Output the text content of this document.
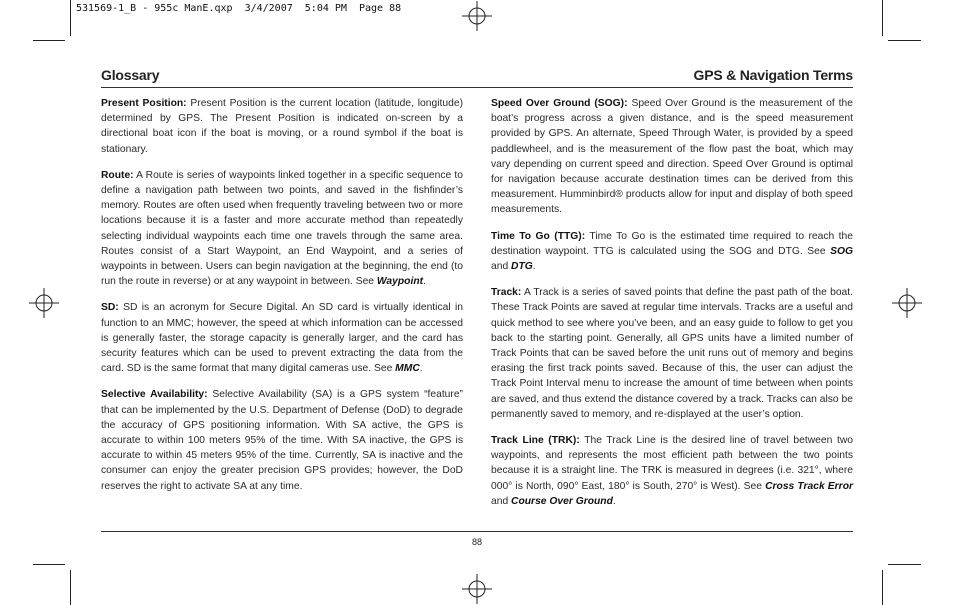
531569-1_B - 955c ManE.qxp  3/4/2007  5:04 PM  Page 88
Glossary	GPS & Navigation Terms

Present Position: Present Position is the current location (latitude, longitude) determined by GPS. The Present Position is indicated on-screen by a directional boat icon if the boat is moving, or a round symbol if the boat is stationary.

Route: A Route is series of waypoints linked together in a specific sequence to define a navigation path between two points, and saved in the fishfinder’s memory. Routes are often used when frequently traveling between two or more locations because it is a faster and more accurate method than repeatedly selecting individual waypoints each time one travels through the same area. Routes consist of a Start Waypoint, an End Waypoint, and a series of waypoints in between. Users can begin navigation at the beginning, the end (to run the route in reverse) or at any waypoint in between. See Waypoint.

SD: SD is an acronym for Secure Digital. An SD card is virtually identical in function to an MMC; however, the speed at which information can be accessed is generally faster, the storage capacity is generally larger, and the card has security features which can be used to prevent extracting the data from the card. SD is the same format that many digital cameras use. See MMC.

Selective Availability: Selective Availability (SA) is a GPS system “feature” that can be implemented by the U.S. Department of Defense (DoD) to degrade the accuracy of GPS positioning information. With SA active, the GPS is accurate to within 100 meters 95% of the time. With SA inactive, the GPS is accurate to within 45 meters 95% of the time. Currently, SA is inactive and the consumer can enjoy the greater precision GPS provides; however, the DoD reserves the right to activate SA at any time.

Speed Over Ground (SOG): Speed Over Ground is the measurement of the boat’s progress across a given distance, and is the speed measurement provided by GPS. An alternate, Speed Through Water, is provided by a speed paddlewheel, and is the measurement of the flow past the boat, which may vary depending on current speed and direction. Speed Over Ground is optimal for navigation because accurate destination times can be derived from this measurement. Humminbird® products allow for input and display of both speed measurements.

Time To Go (TTG): Time To Go is the estimated time required to reach the destination waypoint. TTG is calculated using the SOG and DTG. See SOG and DTG.

Track: A Track is a series of saved points that define the past path of the boat. These Track Points are saved at regular time intervals. Tracks are a useful and quick method to see where you’ve been, and an easy guide to follow to get you back to the starting point. Generally, all GPS units have a limited number of Track Points that can be saved before the unit runs out of memory and begins erasing the first track points saved. Because of this, the user can adjust the Track Point Interval menu to increase the amount of time between when points are saved, and thus extend the distance covered by a track. Tracks can also be permanently saved to memory, and re-displayed at the user’s option.

Track Line (TRK): The Track Line is the desired line of travel between two waypoints, and represents the most efficient path between the two points because it is a straight line. The TRK is measured in degrees (i.e. 321°, where 000° is North, 090° East, 180° is South, 270° is West). See Cross Track Error and Course Over Ground.

88
